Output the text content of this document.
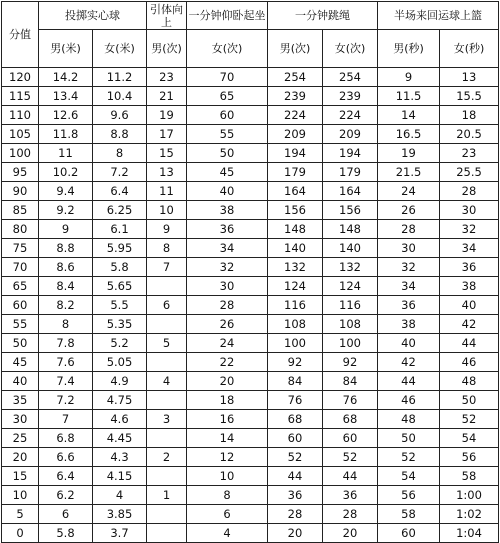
分值	投掷实心球		引体向上	一分钟仰卧起坐	一分钟跳绳		半场来回运球上篮	
	男(米)	女(米)	男(次)	女(次)	男(次)	女(次)	男(秒)	女(秒)
120	14.2	11.2	23	70	254	254	9	13
115	13.4	10.4	21	65	239	239	11.5	15.5
110	12.6	9.6	19	60	224	224	14	18
105	11.8	8.8	17	55	209	209	16.5	20.5
100	11	8	15	50	194	194	19	23
95	10.2	7.2	13	45	179	179	21.5	25.5
90	9.4	6.4	11	40	164	164	24	28
85	9.2	6.25	10	38	156	156	26	30
80	9	6.1	9	36	148	148	28	32
75	8.8	5.95	8	34	140	140	30	34
70	8.6	5.8	7	32	132	132	32	36
65	8.4	5.65		30	124	124	34	38
60	8.2	5.5	6	28	116	116	36	40
55	8	5.35		26	108	108	38	42
50	7.8	5.2	5	24	100	100	40	44
45	7.6	5.05		22	92	92	42	46
40	7.4	4.9	4	20	84	84	44	48
35	7.2	4.75		18	76	76	46	50
30	7	4.6	3	16	68	68	48	52
25	6.8	4.45		14	60	60	50	54
20	6.6	4.3	2	12	52	52	52	56
15	6.4	4.15		10	44	44	54	58
10	6.2	4	1	8	36	36	56	1:00
5	6	3.85		6	28	28	58	1:02
0	5.8	3.7		4	20	20	60	1:04
